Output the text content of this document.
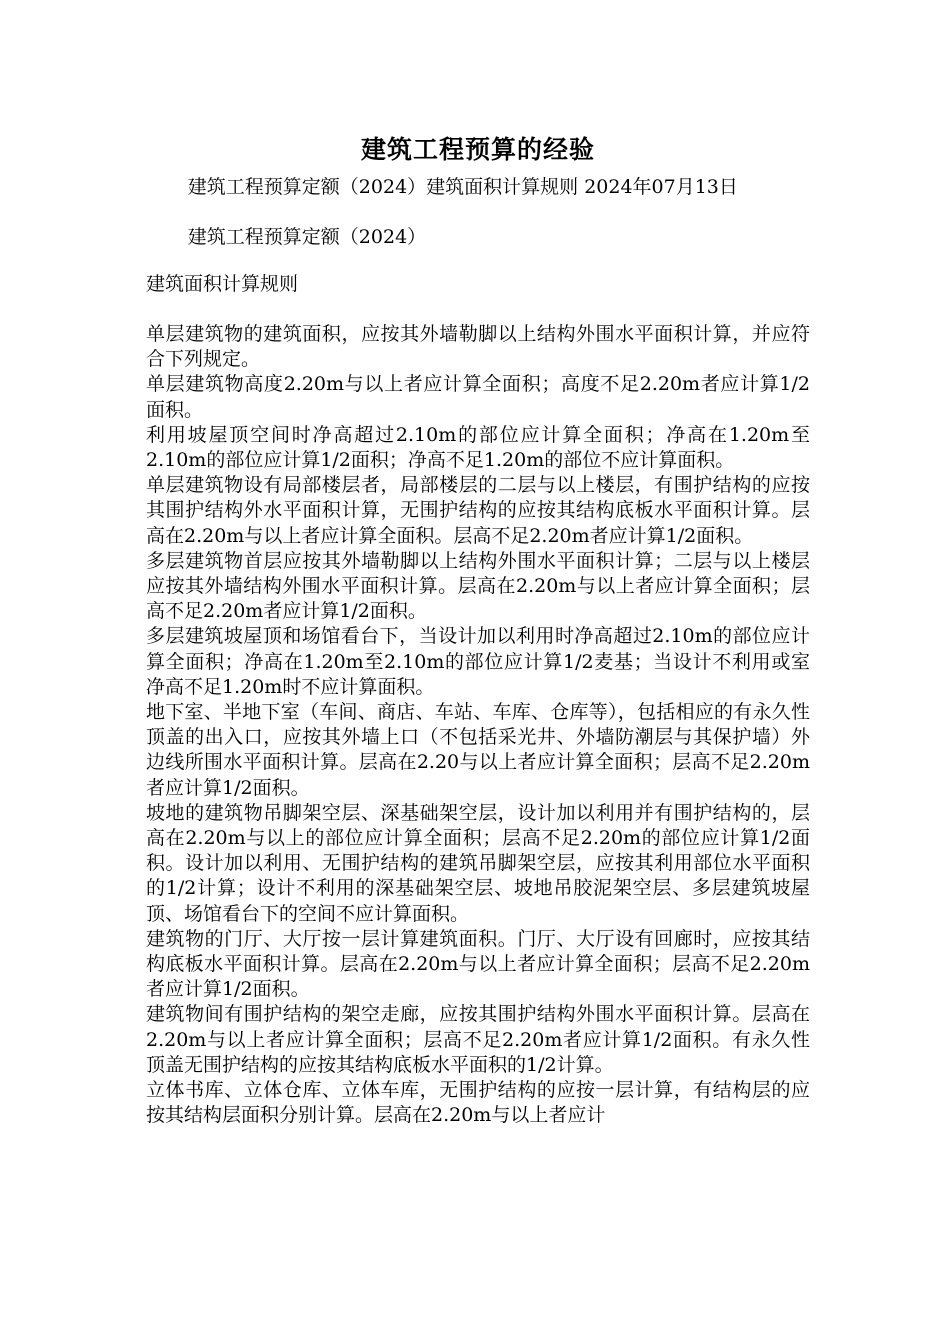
建筑工程预算的经验

建筑工程预算定额（2024）建筑面积计算规则 2024年07月13日

建筑工程预算定额（2024）

建筑面积计算规则

单层建筑物的建筑面积，应按其外墙勒脚以上结构外围水平面积计算，并应符合下列规定。

单层建筑物高度2.20m与以上者应计算全面积；高度不足2.20m者应计算1/2面积。

利用坡屋顶空间时净高超过2.10m的部位应计算全面积；净高在1.20m至2.10m的部位应计算1/2面积；净高不足1.20m的部位不应计算面积。

单层建筑物设有局部楼层者，局部楼层的二层与以上楼层，有围护结构的应按其围护结构外水平面积计算，无围护结构的应按其结构底板水平面积计算。层高在2.20m与以上者应计算全面积。层高不足2.20m者应计算1/2面积。

多层建筑物首层应按其外墙勒脚以上结构外围水平面积计算；二层与以上楼层应按其外墙结构外围水平面积计算。层高在2.20m与以上者应计算全面积；层高不足2.20m者应计算1/2面积。

多层建筑坡屋顶和场馆看台下，当设计加以利用时净高超过2.10m的部位应计算全面积；净高在1.20m至2.10m的部位应计算1/2麦基；当设计不利用或室净高不足1.20m时不应计算面积。

地下室、半地下室（车间、商店、车站、车库、仓库等），包括相应的有永久性顶盖的出入口，应按其外墙上口（不包括采光井、外墙防潮层与其保护墙）外边线所围水平面积计算。层高在2.20与以上者应计算全面积；层高不足2.20m者应计算1/2面积。

坡地的建筑物吊脚架空层、深基础架空层，设计加以利用并有围护结构的，层高在2.20m与以上的部位应计算全面积；层高不足2.20m的部位应计算1/2面积。设计加以利用、无围护结构的建筑吊脚架空层，应按其利用部位水平面积的1/2计算；设计不利用的深基础架空层、坡地吊胶泥架空层、多层建筑坡屋顶、场馆看台下的空间不应计算面积。

建筑物的门厅、大厅按一层计算建筑面积。门厅、大厅设有回廊时，应按其结构底板水平面积计算。层高在2.20m与以上者应计算全面积；层高不足2.20m者应计算1/2面积。

建筑物间有围护结构的架空走廊，应按其围护结构外围水平面积计算。层高在2.20m与以上者应计算全面积；层高不足2.20m者应计算1/2面积。有永久性顶盖无围护结构的应按其结构底板水平面积的1/2计算。

立体书库、立体仓库、立体车库，无围护结构的应按一层计算，有结构层的应按其结构层面积分别计算。层高在2.20m与以上者应计
